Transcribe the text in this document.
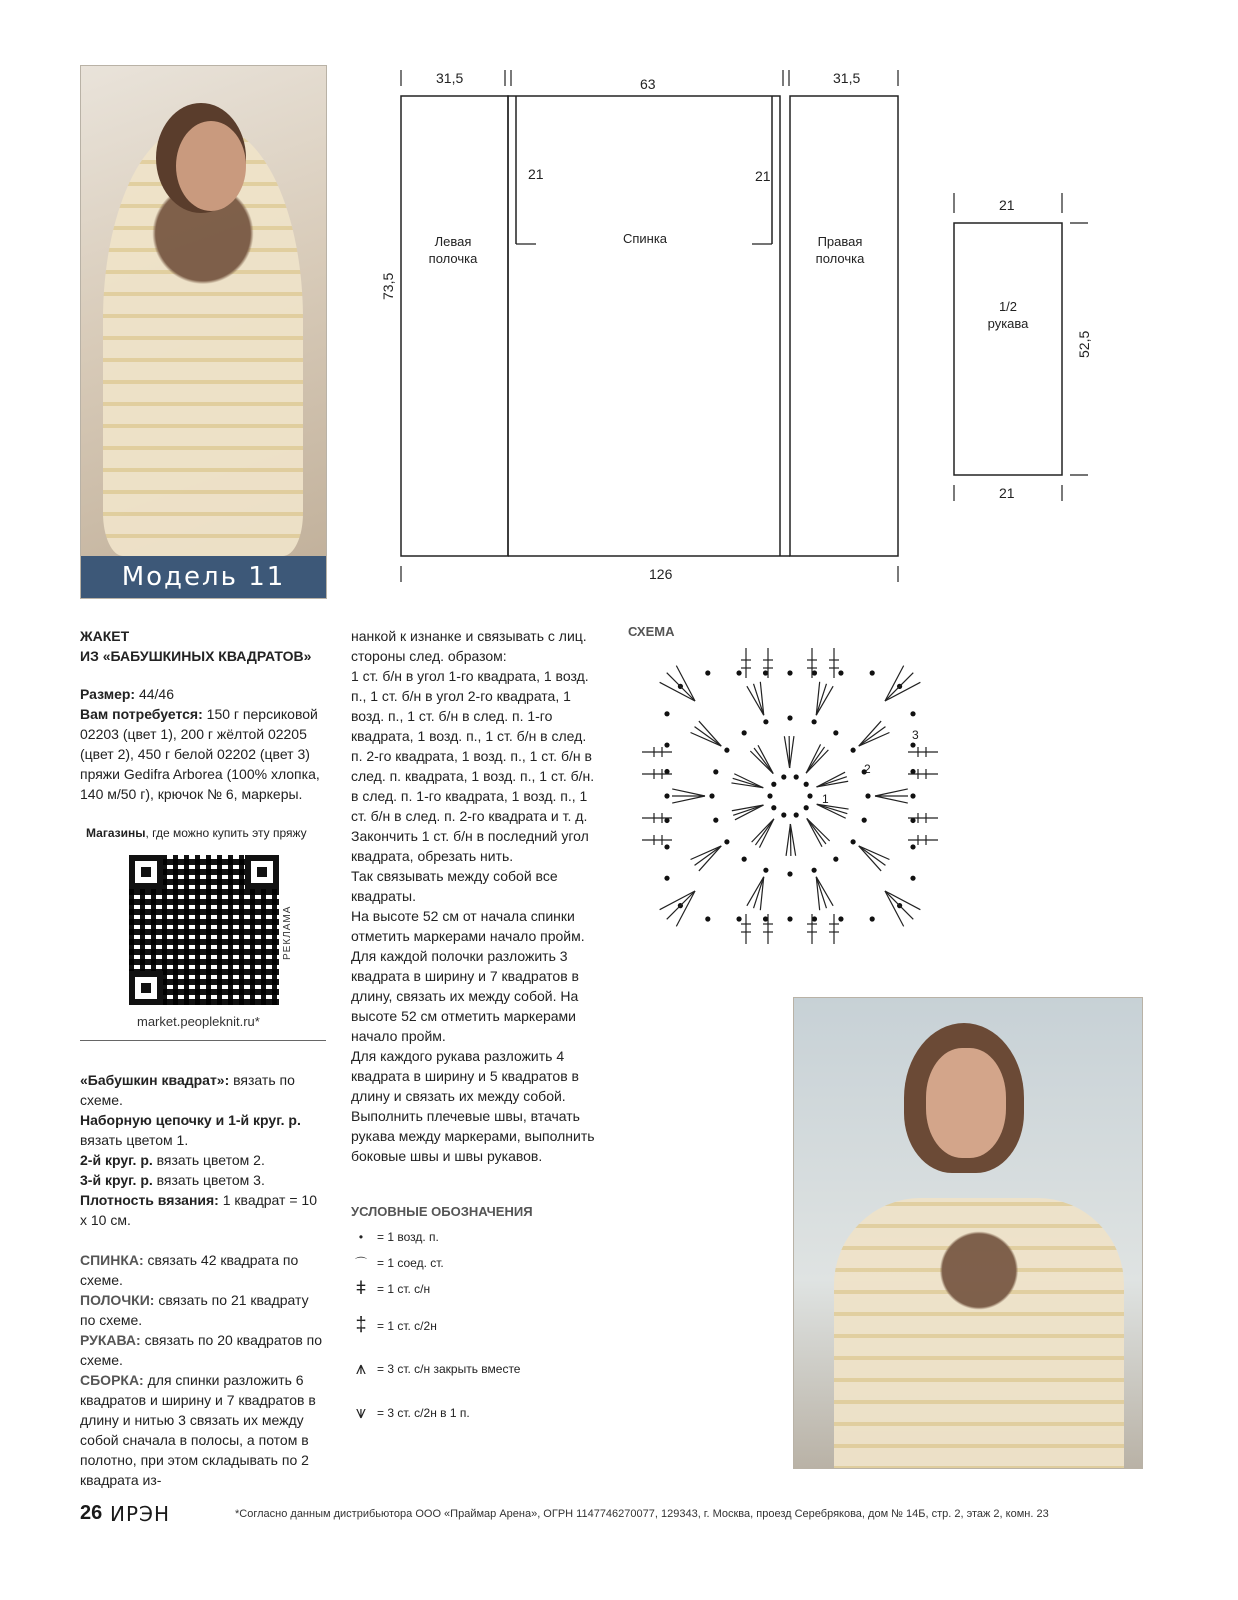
Модель 11
31,5	63	31,5
21	21
73,5
126
Левая
полочка
Спинка	Правая
полочка
21
21
52,5
1/2
рукава
ЖАКЕТ
ИЗ «БАБУШКИНЫХ КВАДРАТОВ»

Размер: 44/46

Вам потребуется: 150 г персиковой 02203 (цвет 1), 200 г жёлтой 02205 (цвет 2), 450 г белой 02202 (цвет 3) пряжи Gedifra Arborea (100% хлопка, 140 м/50 г), крючок № 6, маркеры.

Магазины, где можно купить эту пряжу
РЕКЛАМА
market.peopleknit.ru*

«Бабушкин квадрат»: вязать по схеме.

Наборную цепочку и 1-й круг. р. вязать цветом 1.

2-й круг. р. вязать цветом 2.

3-й круг. р. вязать цветом 3.

Плотность вязания: 1 квадрат = 10 х 10 см.

СПИНКА: связать 42 квадрата по схеме.

ПОЛОЧКИ: связать по 21 квадрату по схеме.

РУКАВА: связать по 20 квадратов по схеме.

СБОРКА: для спинки разложить 6 квадратов и ширину и 7 квадратов в длину и нитью 3 связать их между собой сначала в полосы, а потом в полотно, при этом складывать по 2 квадрата из-

нанкой к изнанке и связывать с лиц. стороны след. образом:

1 ст. б/н в угол 1-го квадрата, 1 возд. п., 1 ст. б/н в угол 2-го квадрата, 1 возд. п., 1 ст. б/н в след. п. 1-го квадрата, 1 возд. п., 1 ст. б/н в след. п. 2-го квадрата, 1 возд. п., 1 ст. б/н в след. п. квадрата, 1 возд. п., 1 ст. б/н. в след. п. 1-го квадрата, 1 возд. п., 1 ст. б/н в след. п. 2-го квадрата и т. д. Закончить 1 ст. б/н в последний угол квадрата, обрезать нить.

Так связывать между собой все квадраты.

На высоте 52 см от начала спинки отметить маркерами начало пройм.

Для каждой полочки разложить 3 квадрата в ширину и 7 квадратов в длину, связать их между собой. На высоте 52 см отметить маркерами начало пройм.

Для каждого рукава разложить 4 квадрата в ширину и 5 квадратов в длину и связать их между собой.

Выполнить плечевые швы, втачать рукава между маркерами, выполнить боковые швы и швы рукавов.

УСЛОВНЫЕ ОБОЗНАЧЕНИЯ
•	= 1 возд. п.
⌒ = 1 соед. ст.
ǂ = 1 ст. с/н
‡ = 1 ст. с/2н
⩚ = 3 ст. с/н закрыть вместе
⩛ = 3 ст. с/2н в 1 п.
СХЕМА
1
2
3
26 ИРЭН	*Согласно данным дистрибьютора ООО «Праймар Арена», ОГРН 1147746270077, 129343, г. Москва, проезд Серебрякова, дом № 14Б, стр. 2, этаж 2, комн. 23
